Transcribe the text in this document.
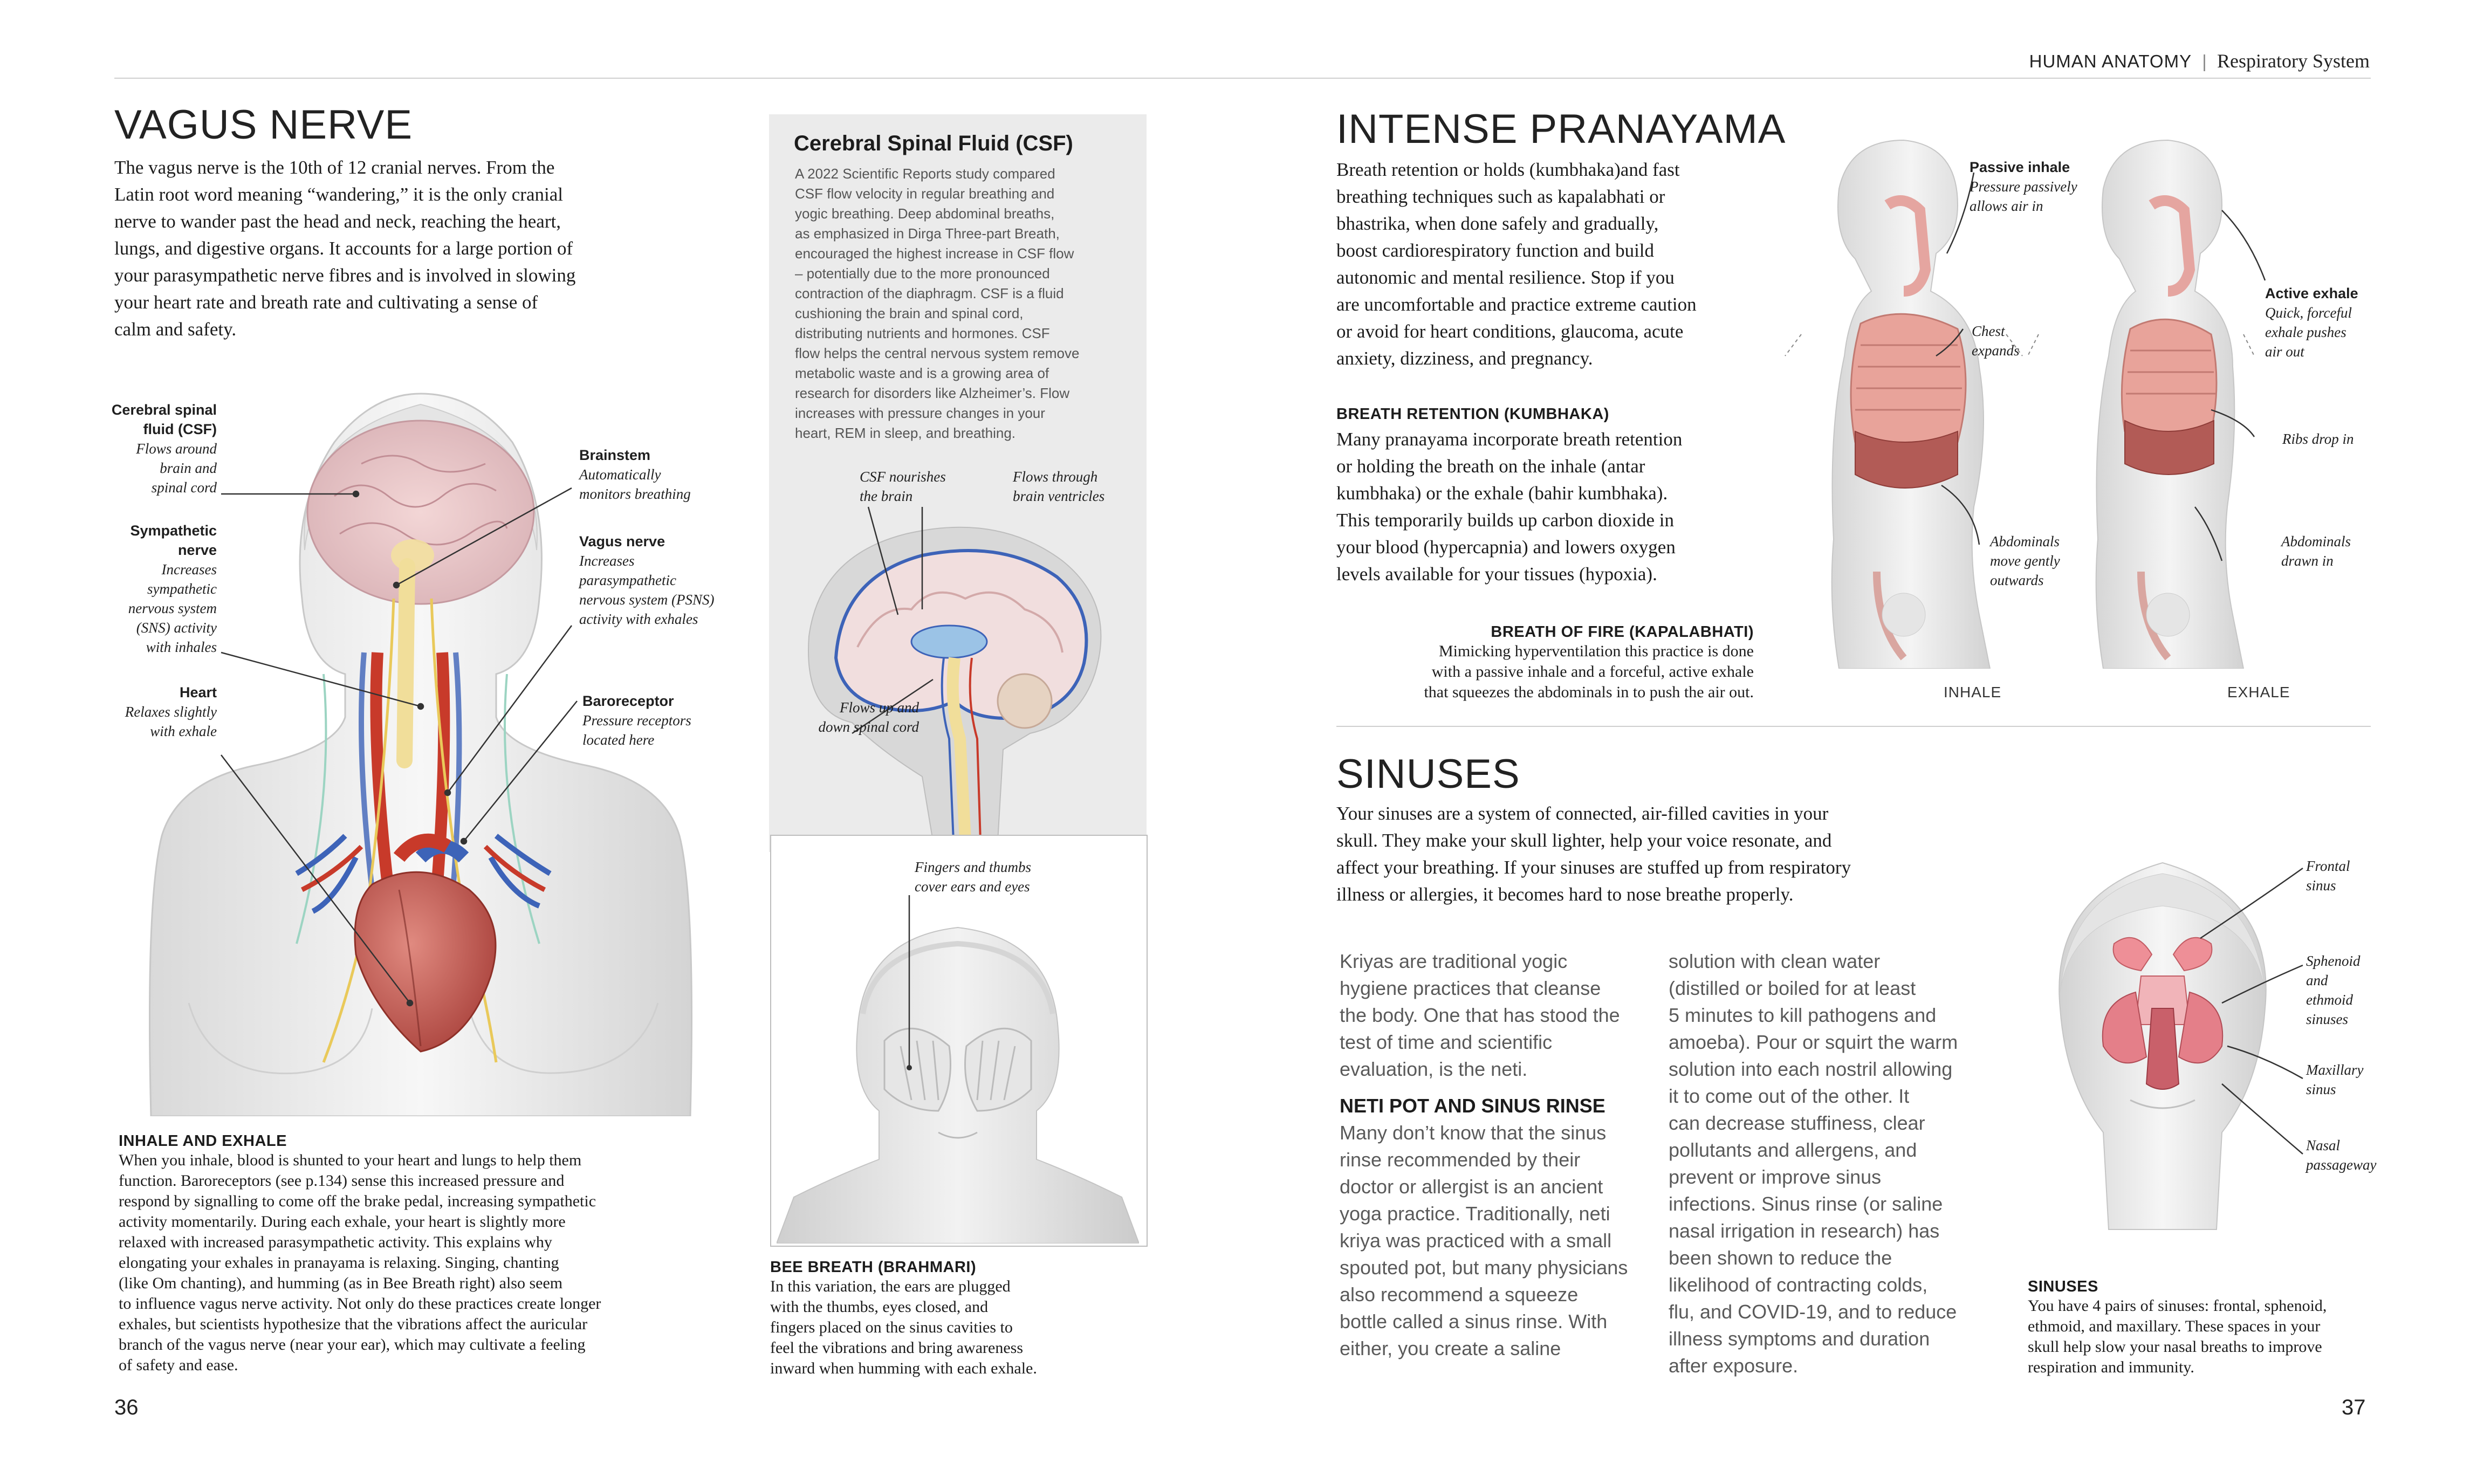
HUMAN ANATOMY | Respiratory System
VAGUS NERVE
The vagus nerve is the 10th of 12 cranial nerves. From the
Latin root word meaning “wandering,” it is the only cranial
nerve to wander past the head and neck, reaching the heart,
lungs, and digestive organs. It accounts for a large portion of
your parasympathetic nerve fibres and is involved in slowing
your heart rate and breath rate and cultivating a sense of
calm and safety.
Cerebral spinal
fluid (CSF)
Flows around
brain and
spinal cord
Sympathetic
nerve
Increases
sympathetic
nervous system
(SNS) activity
with inhales
Heart
Relaxes slightly
with exhale
Brainstem
Automatically
monitors breathing
Vagus nerve
Increases
parasympathetic
nervous system (PSNS)
activity with exhales
Baroreceptor
Pressure receptors
located here
INHALE AND EXHALE
When you inhale, blood is shunted to your heart and lungs to help them
function. Baroreceptors (see p.134) sense this increased pressure and
respond by signalling to come off the brake pedal, increasing sympathetic
activity momentarily. During each exhale, your heart is slightly more
relaxed with increased parasympathetic activity. This explains why
elongating your exhales in pranayama is relaxing. Singing, chanting
(like Om chanting), and humming (as in Bee Breath right) also seem
to influence vagus nerve activity. Not only do these practices create longer
exhales, but scientists hypothesize that the vibrations affect the auricular
branch of the vagus nerve (near your ear), which may cultivate a feeling
of safety and ease.
Cerebral Spinal Fluid (CSF)
A 2022 Scientific Reports study compared
CSF flow velocity in regular breathing and
yogic breathing. Deep abdominal breaths,
as emphasized in Dirga Three-part Breath,
encouraged the highest increase in CSF flow
– potentially due to the more pronounced
contraction of the diaphragm. CSF is a fluid
cushioning the brain and spinal cord,
distributing nutrients and hormones. CSF
flow helps the central nervous system remove
metabolic waste and is a growing area of
research for disorders like Alzheimer’s. Flow
increases with pressure changes in your
heart, REM in sleep, and breathing.
CSF nourishes
the brain
Flows through
brain ventricles
Flows up and
down spinal cord
Fingers and thumbs
cover ears and eyes
BEE BREATH (BRAHMARI)
In this variation, the ears are plugged
with the thumbs, eyes closed, and
fingers placed on the sinus cavities to
feel the vibrations and bring awareness
inward when humming with each exhale.
36
INTENSE PRANAYAMA
Breath retention or holds (kumbhaka)and fast
breathing techniques such as kapalabhati or
bhastrika, when done safely and gradually,
boost cardiorespiratory function and build
autonomic and mental resilience. Stop if you
are uncomfortable and practice extreme caution
or avoid for heart conditions, glaucoma, acute
anxiety, dizziness, and pregnancy.
BREATH RETENTION (KUMBHAKA)
Many pranayama incorporate breath retention
or holding the breath on the inhale (antar
kumbhaka) or the exhale (bahir kumbhaka).
This temporarily builds up carbon dioxide in
your blood (hypercapnia) and lowers oxygen
levels available for your tissues (hypoxia).
BREATH OF FIRE (KAPALABHATI)
Mimicking hyperventilation this practice is done
with a passive inhale and a forceful, active exhale
that squeezes the abdominals in to push the air out.
Passive inhale
Pressure passively
allows air in
Chest
expands
Abdominals
move gently
outwards
Active exhale
Quick, forceful
exhale pushes
air out
Ribs drop in
Abdominals
drawn in
INHALE	EXHALE
SINUSES
Your sinuses are a system of connected, air-filled cavities in your
skull. They make your skull lighter, help your voice resonate, and
affect your breathing. If your sinuses are stuffed up from respiratory
illness or allergies, it becomes hard to nose breathe properly.
Kriyas are traditional yogic
hygiene practices that cleanse
the body. One that has stood the
test of time and scientific
evaluation, is the neti.
NETI POT AND SINUS RINSE
Many don’t know that the sinus
rinse recommended by their
doctor or allergist is an ancient
yoga practice. Traditionally, neti
kriya was practiced with a small
spouted pot, but many physicians
also recommend a squeeze
bottle called a sinus rinse. With
either, you create a saline
solution with clean water
(distilled or boiled for at least
5 minutes to kill pathogens and
amoeba). Pour or squirt the warm
solution into each nostril allowing
it to come out of the other. It
can decrease stuffiness, clear
pollutants and allergens, and
prevent or improve sinus
infections. Sinus rinse (or saline
nasal irrigation in research) has
been shown to reduce the
likelihood of contracting colds,
flu, and COVID-19, and to reduce
illness symptoms and duration
after exposure.
Frontal
sinus
Sphenoid
and
ethmoid
sinuses
Maxillary
sinus
Nasal
passageway
SINUSES
You have 4 pairs of sinuses: frontal, sphenoid,
ethmoid, and maxillary. These spaces in your
skull help slow your nasal breaths to improve
respiration and immunity.
37
